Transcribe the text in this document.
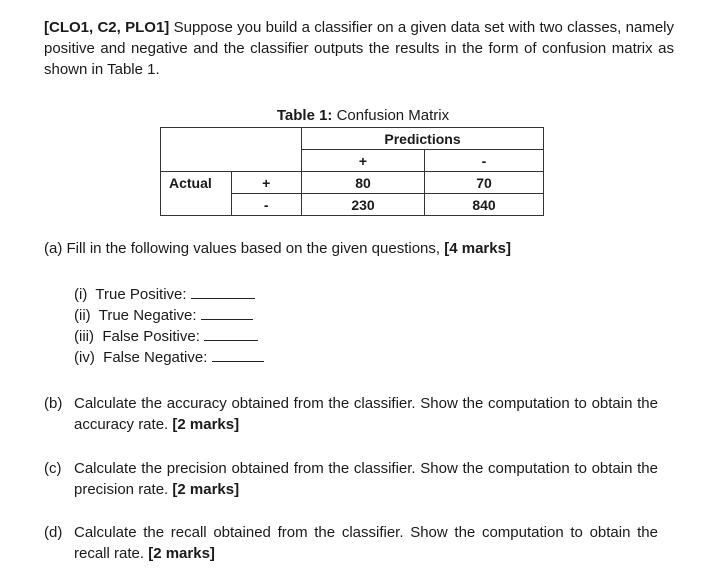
[CLO1, C2, PLO1] Suppose you build a classifier on a given data set with two classes, namely positive and negative and the classifier outputs the results in the form of confusion matrix as shown in Table 1.
Table 1: Confusion Matrix
		Predictions	
		+	-
Actual	+	80	70
	-	230	840
(a) Fill in the following values based on the given questions, [4 marks]
(i) True Positive:
(ii) True Negative:
(iii) False Positive:
(iv) False Negative:
(b) Calculate the accuracy obtained from the classifier. Show the computation to obtain the accuracy rate. [2 marks]
(c) Calculate the precision obtained from the classifier. Show the computation to obtain the precision rate. [2 marks]
(d) Calculate the recall obtained from the classifier. Show the computation to obtain the recall rate. [2 marks]
